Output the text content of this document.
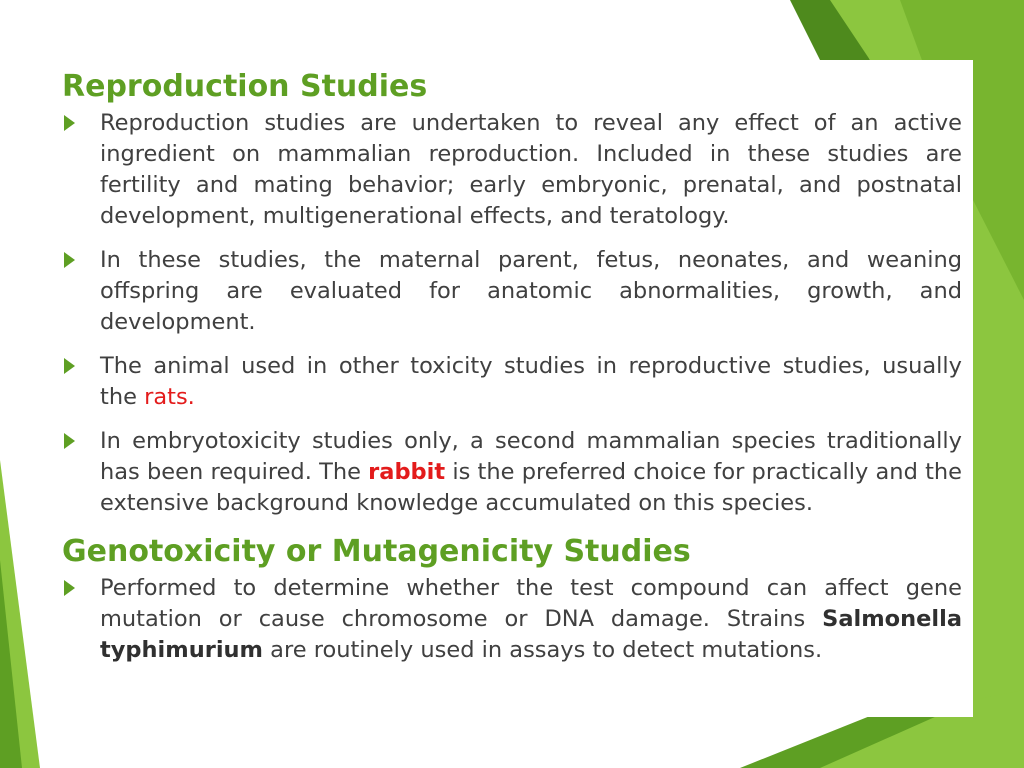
Reproduction Studies

Reproduction studies are undertaken to reveal any effect of an active ingredient on mammalian reproduction. Included in these studies are fertility and mating behavior; early embryonic, prenatal, and postnatal development, multigenerational effects, and teratology.

In these studies, the maternal parent, fetus, neonates, and weaning offspring are evaluated for anatomic abnormalities, growth, and development.

The animal used in other toxicity studies in reproductive studies, usually the rats.

In embryotoxicity studies only, a second mammalian species traditionally has been required. The rabbit is the preferred choice for practically and the extensive background knowledge accumulated on this species.

Genotoxicity or Mutagenicity Studies

Performed to determine whether the test compound can affect gene mutation or cause chromosome or DNA damage. Strains Salmonella typhimurium are routinely used in assays to detect mutations.
